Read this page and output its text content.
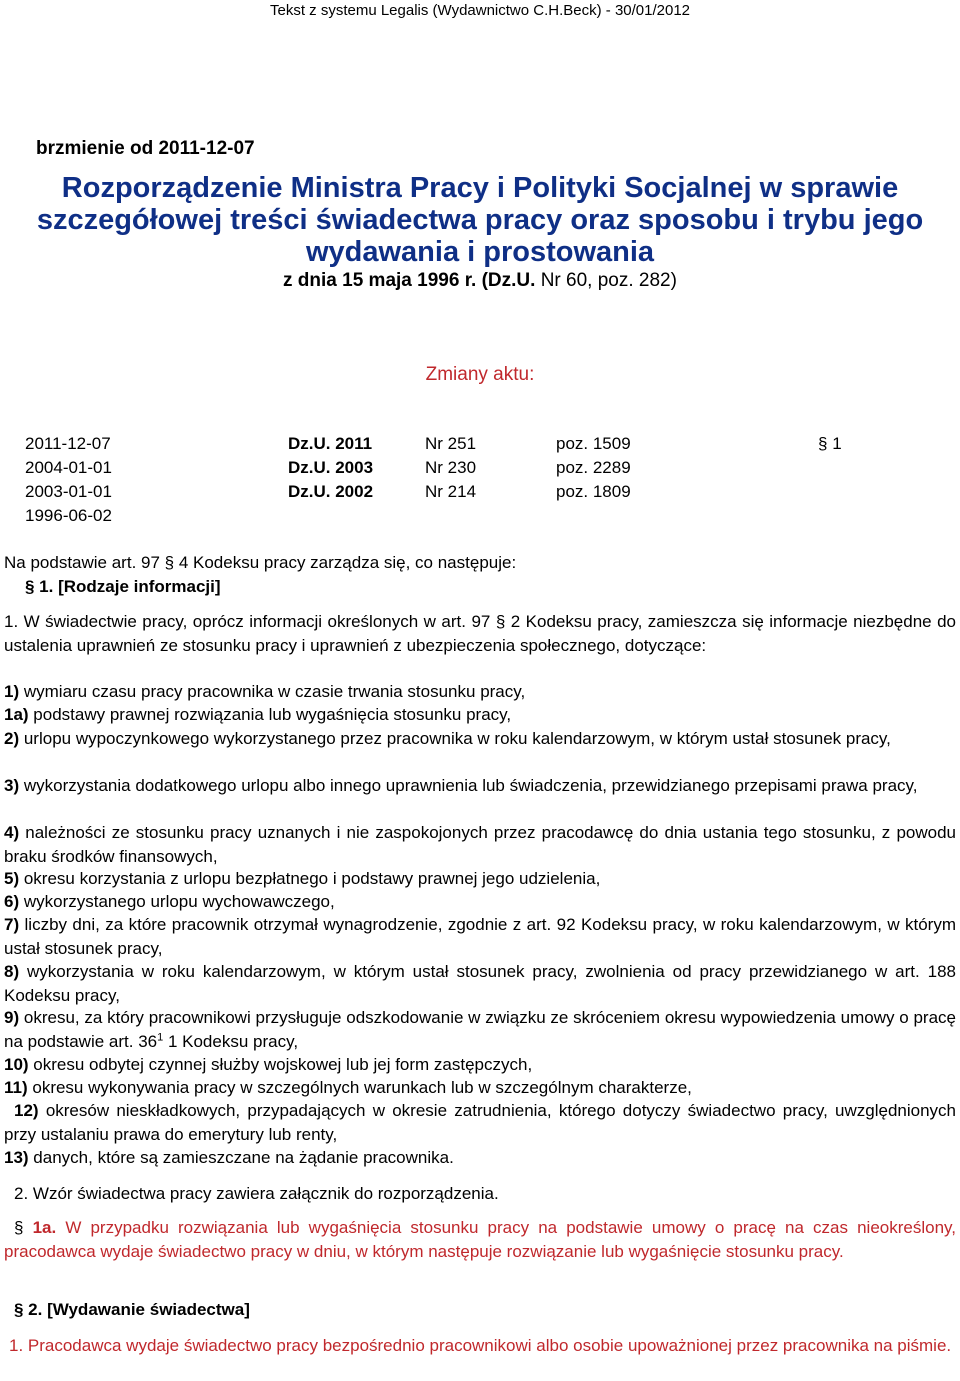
Tekst z systemu Legalis (Wydawnictwo C.H.Beck) - 30/01/2012
brzmienie od 2011-12-07
Rozporządzenie Ministra Pracy i Polityki Socjalnej w sprawie
szczegółowej treści świadectwa pracy oraz sposobu i trybu jego
wydawania i prostowania
z dnia 15 maja 1996 r. (Dz.U. Nr 60, poz. 282)
Zmiany aktu:
2011-12-07	Dz.U. 2011	Nr 251	poz. 1509	§ 1
2004-01-01	Dz.U. 2003	Nr 230	poz. 2289
2003-01-01	Dz.U. 2002	Nr 214	poz. 1809
1996-06-02
Na podstawie art. 97 § 4 Kodeksu pracy zarządza się, co następuje:
§ 1. [Rodzaje informacji]
1. W świadectwie pracy, oprócz informacji określonych w art. 97 § 2 Kodeksu pracy, zamieszcza się informacje niezbędne do ustalenia uprawnień ze stosunku pracy i uprawnień z ubezpieczenia społecznego, dotyczące:
1) wymiaru czasu pracy pracownika w czasie trwania stosunku pracy,
1a) podstawy prawnej rozwiązania lub wygaśnięcia stosunku pracy,
2) urlopu wypoczynkowego wykorzystanego przez pracownika w roku kalendarzowym, w którym ustał stosunek pracy,
3) wykorzystania dodatkowego urlopu albo innego uprawnienia lub świadczenia, przewidzianego przepisami prawa pracy,
4) należności ze stosunku pracy uznanych i nie zaspokojonych przez pracodawcę do dnia ustania tego stosunku, z powodu braku środków finansowych,
5) okresu korzystania z urlopu bezpłatnego i podstawy prawnej jego udzielenia,
6) wykorzystanego urlopu wychowawczego,
7) liczby dni, za które pracownik otrzymał wynagrodzenie, zgodnie z art. 92 Kodeksu pracy, w roku kalendarzowym, w którym ustał stosunek pracy,
8) wykorzystania w roku kalendarzowym, w którym ustał stosunek pracy, zwolnienia od pracy przewidzianego w art. 188 Kodeksu pracy,
9) okresu, za który pracownikowi przysługuje odszkodowanie w związku ze skróceniem okresu wypowiedzenia umowy o pracę na podstawie art. $36^1$ 1 Kodeksu pracy,
10) okresu odbytej czynnej służby wojskowej lub jej form zastępczych,
11) okresu wykonywania pracy w szczególnych warunkach lub w szczególnym charakterze,
12) okresów nieskładkowych, przypadających w okresie zatrudnienia, którego dotyczy świadectwo pracy, uwzględnionych przy ustalaniu prawa do emerytury lub renty,
13) danych, które są zamieszczane na żądanie pracownika.
2. Wzór świadectwa pracy zawiera załącznik do rozporządzenia.
§ 1a. W przypadku rozwiązania lub wygaśnięcia stosunku pracy na podstawie umowy o pracę na czas nieokreślony, pracodawca wydaje świadectwo pracy w dniu, w którym następuje rozwiązanie lub wygaśnięcie stosunku pracy.
§ 2. [Wydawanie świadectwa]
1. Pracodawca wydaje świadectwo pracy bezpośrednio pracownikowi albo osobie upoważnionej przez pracownika na piśmie.
